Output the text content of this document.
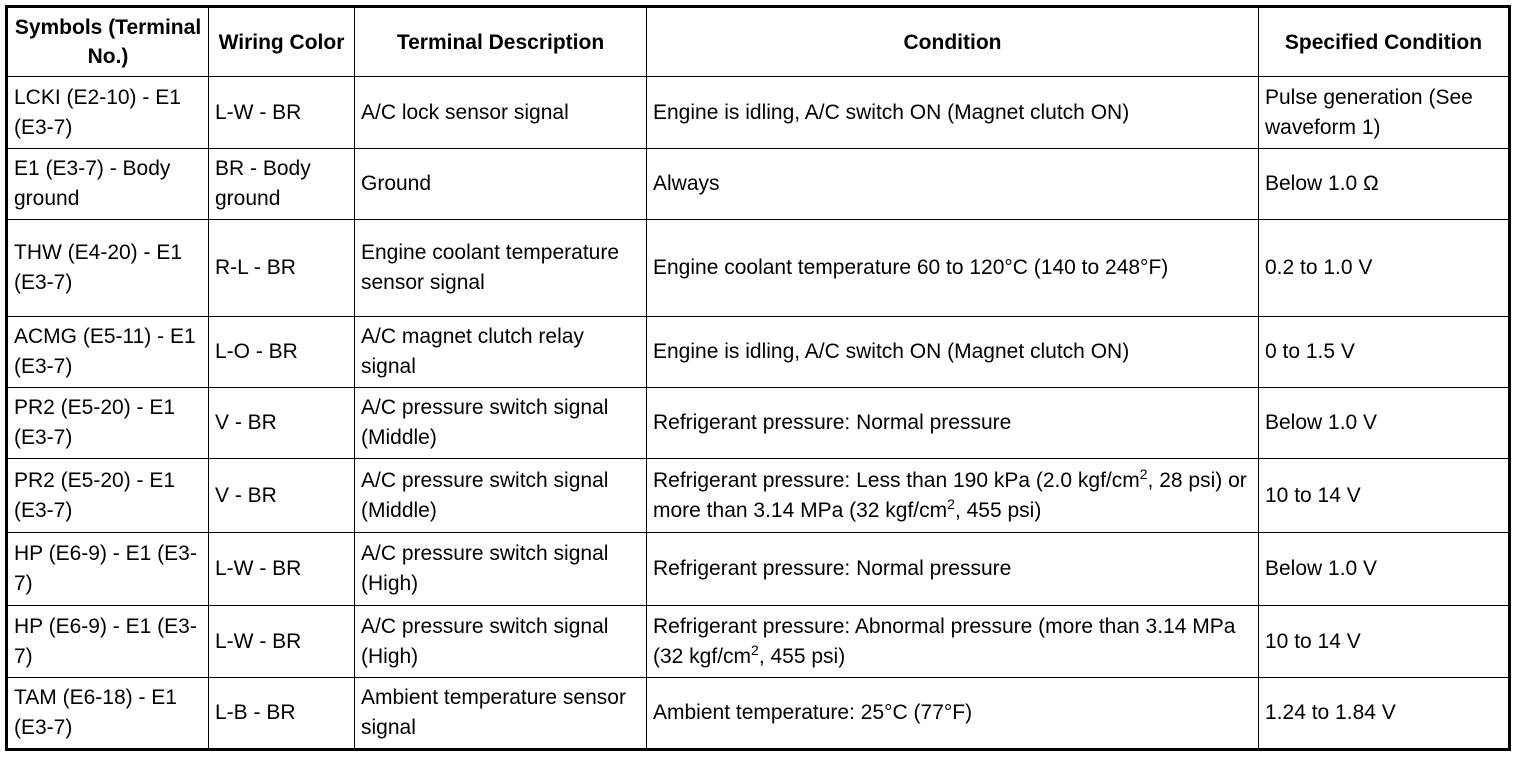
Symbols (Terminal No.)	Wiring Color	Terminal Description	Condition	Specified Condition
LCKI (E2-10) - E1 (E3-7)	L-W - BR	A/C lock sensor signal	Engine is idling, A/C switch ON (Magnet clutch ON)	Pulse generation (See waveform 1)
E1 (E3-7) - Body ground	BR - Body ground	Ground	Always	Below 1.0 Ω
THW (E4-20) - E1 (E3-7)	R-L - BR	Engine coolant temperature sensor signal	Engine coolant temperature 60 to 120°C (140 to 248°F)	0.2 to 1.0 V
ACMG (E5-11) - E1 (E3-7)	L-O - BR	A/C magnet clutch relay signal	Engine is idling, A/C switch ON (Magnet clutch ON)	0 to 1.5 V
PR2 (E5-20) - E1 (E3-7)	V - BR	A/C pressure switch signal (Middle)	Refrigerant pressure: Normal pressure	Below 1.0 V
PR2 (E5-20) - E1 (E3-7)	V - BR	A/C pressure switch signal (Middle)	Refrigerant pressure: Less than 190 kPa (2.0 kgf/$cm^2$, 28 psi) or more than 3.14 MPa (32 kgf/$cm^2$, 455 psi)	10 to 14 V
HP (E6-9) - E1 (E3-7)	L-W - BR	A/C pressure switch signal (High)	Refrigerant pressure: Normal pressure	Below 1.0 V
HP (E6-9) - E1 (E3-7)	L-W - BR	A/C pressure switch signal (High)	Refrigerant pressure: Abnormal pressure (more than 3.14 MPa (32 kgf/$cm^2$, 455 psi)	10 to 14 V
TAM (E6-18) - E1 (E3-7)	L-B - BR	Ambient temperature sensor signal	Ambient temperature: 25°C (77°F)	1.24 to 1.84 V
